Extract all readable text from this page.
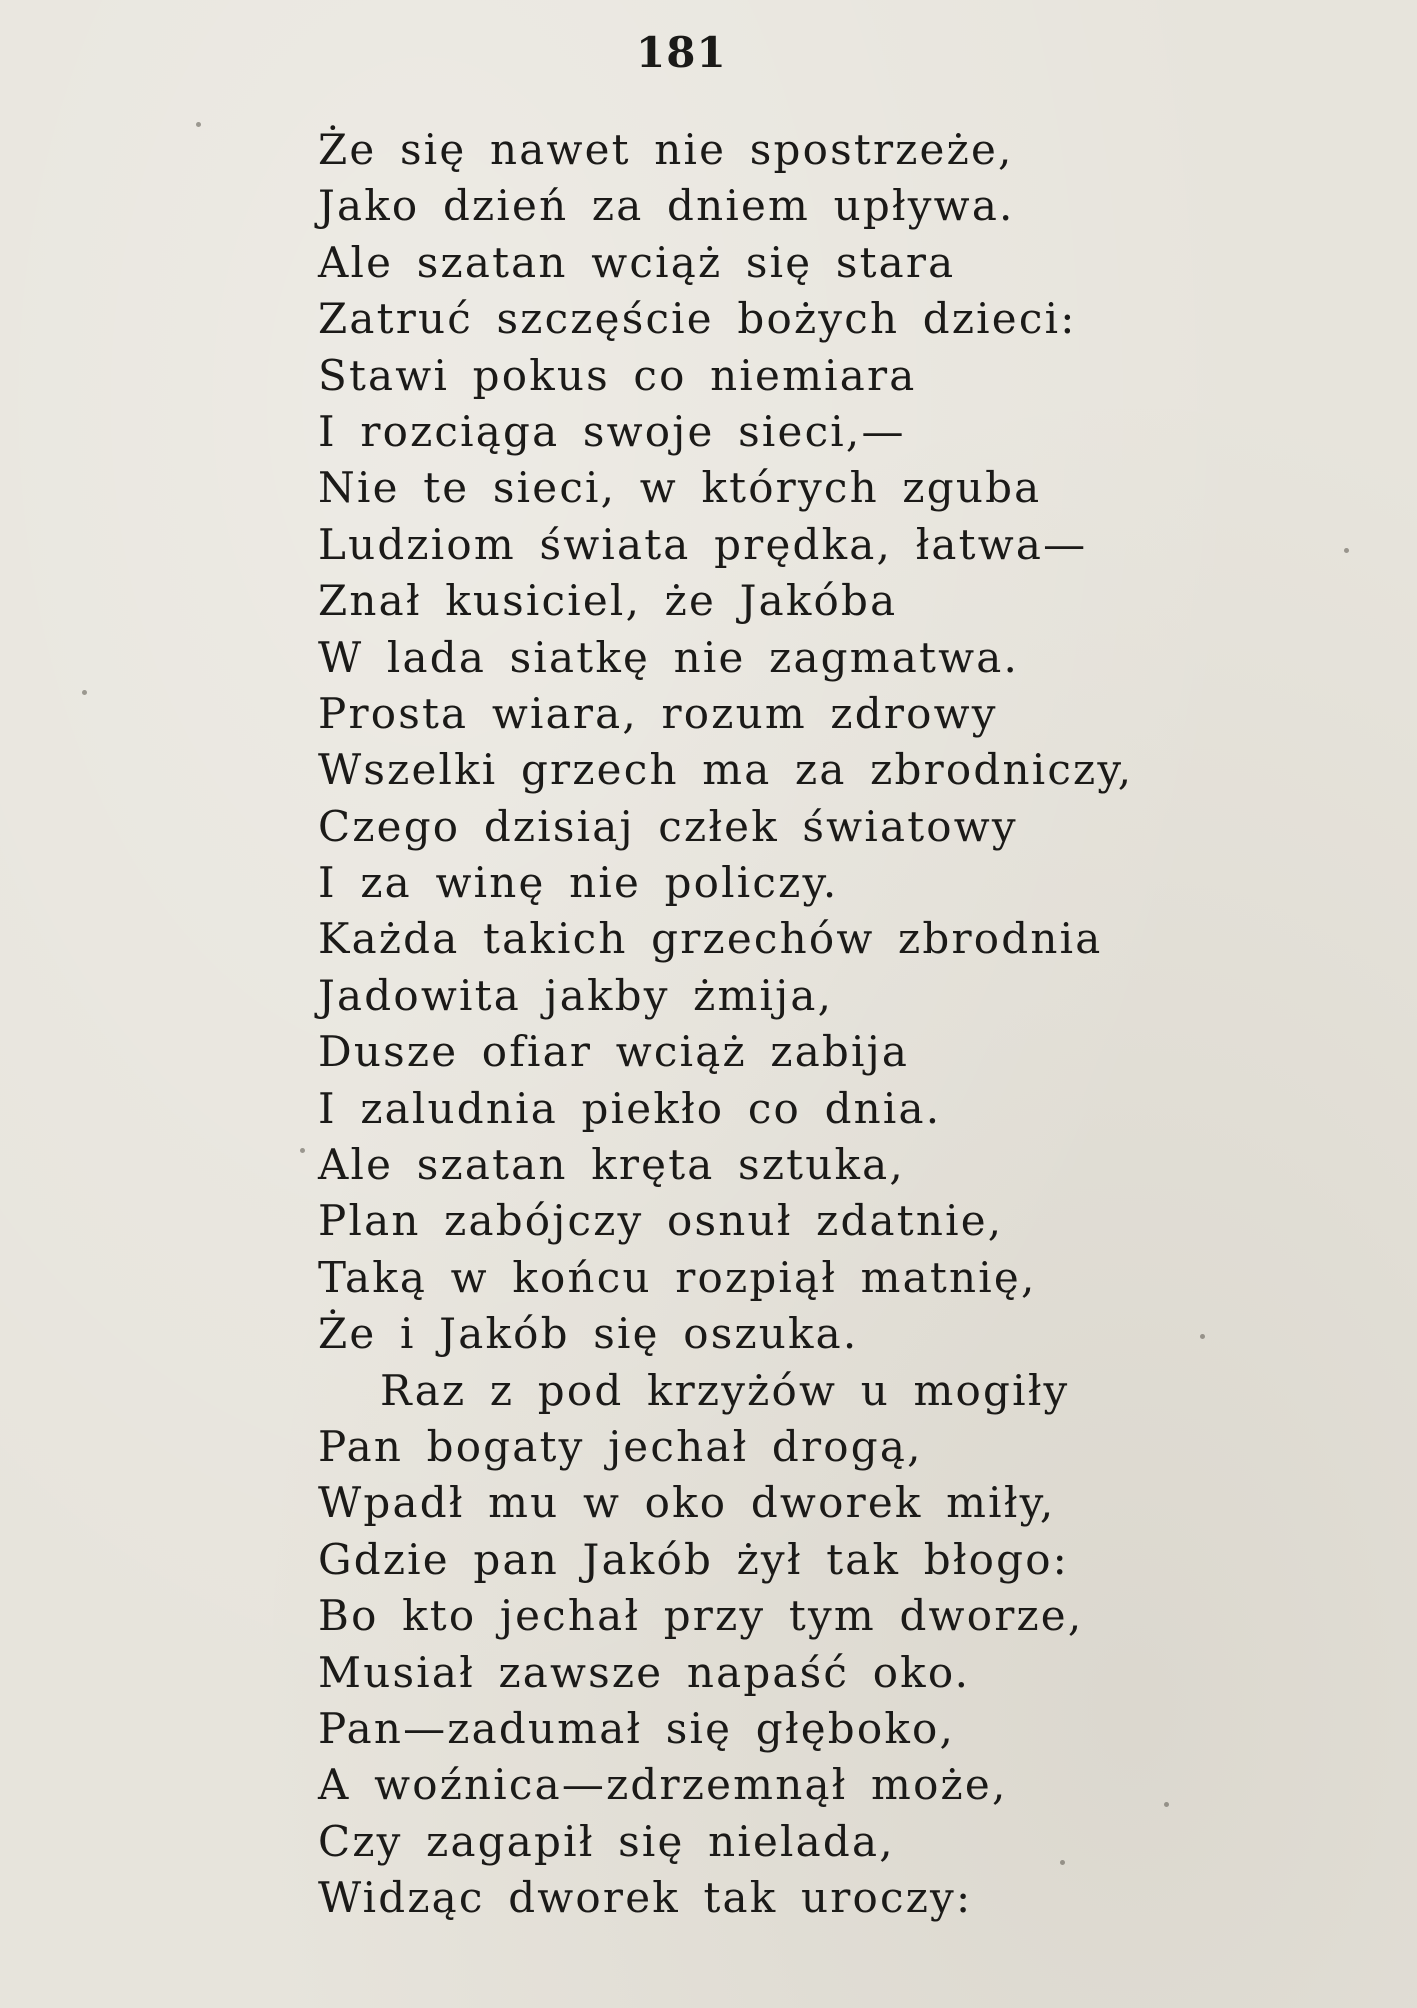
181
Że się nawet nie spostrzeże,
Jako dzień za dniem upływa.
Ale szatan wciąż się stara
Zatruć szczęście bożych dzieci:
Stawi pokus co niemiara
I rozciąga swoje sieci,—
Nie te sieci, w których zguba
Ludziom świata prędka, łatwa—
Znał kusiciel, że Jakóba
W lada siatkę nie zagmatwa.
Prosta wiara, rozum zdrowy
Wszelki grzech ma za zbrodniczy,
Czego dzisiaj człek światowy
I za winę nie policzy.
Każda takich grzechów zbrodnia
Jadowita jakby żmija,
Dusze ofiar wciąż zabija
I zaludnia piekło co dnia.
Ale szatan kręta sztuka,
Plan zabójczy osnuł zdatnie,
Taką w końcu rozpiął matnię,
Że i Jakób się oszuka.
Raz z pod krzyżów u mogiły
Pan bogaty jechał drogą,
Wpadł mu w oko dworek miły,
Gdzie pan Jakób żył tak błogo:
Bo kto jechał przy tym dworze,
Musiał zawsze napaść oko.
Pan—zadumał się głęboko,
A woźnica—zdrzemnął może,
Czy zagapił się nielada,
Widząc dworek tak uroczy:
